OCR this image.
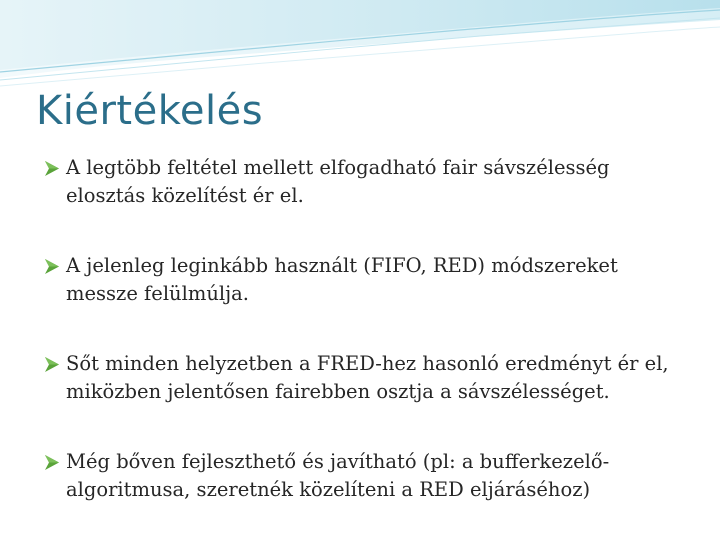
Kiértékelés
A legtöbb feltétel mellett elfogadható fair sávszélesség elosztás közelítést ér el.
A jelenleg leginkább használt (FIFO, RED) módszereket messze felülmúlja.
Sőt minden helyzetben a FRED-hez hasonló eredményt ér el, miközben jelentősen fairebben osztja a sávszélességet.
Még bőven fejleszthető és javítható (pl: a bufferkezelő-algoritmusa, szeretnék közelíteni a RED eljáráséhoz)
